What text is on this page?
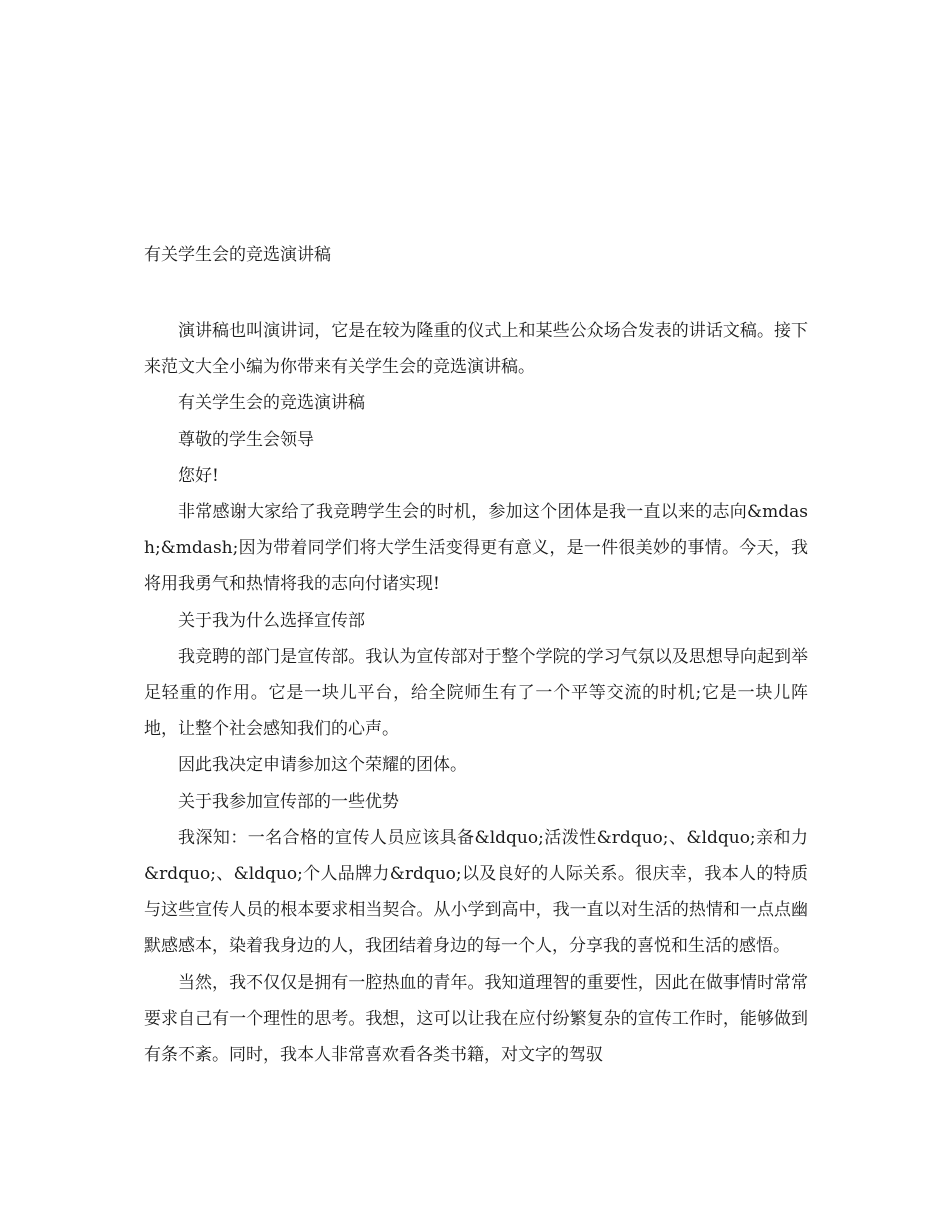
有关学生会的竞选演讲稿

演讲稿也叫演讲词，它是在较为隆重的仪式上和某些公众场合发表的讲话文稿。接下来范文大全小编为你带来有关学生会的竞选演讲稿。

有关学生会的竞选演讲稿

尊敬的学生会领导

您好!

非常感谢大家给了我竞聘学生会的时机，参加这个团体是我一直以来的志向&mdash;&mdash;因为带着同学们将大学生活变得更有意义，是一件很美妙的事情。今天，我将用我勇气和热情将我的志向付诸实现!

关于我为什么选择宣传部

我竞聘的部门是宣传部。我认为宣传部对于整个学院的学习气氛以及思想导向起到举足轻重的作用。它是一块儿平台，给全院师生有了一个平等交流的时机;它是一块儿阵地，让整个社会感知我们的心声。

因此我决定申请参加这个荣耀的团体。

关于我参加宣传部的一些优势

我深知：一名合格的宣传人员应该具备&ldquo;活泼性&rdquo;、&ldquo;亲和力&rdquo;、&ldquo;个人品牌力&rdquo;以及良好的人际关系。很庆幸，我本人的特质与这些宣传人员的根本要求相当契合。从小学到高中，我一直以对生活的热情和一点点幽默感感本，染着我身边的人，我团结着身边的每一个人，分享我的喜悦和生活的感悟。

当然，我不仅仅是拥有一腔热血的青年。我知道理智的重要性，因此在做事情时常常要求自己有一个理性的思考。我想，这可以让我在应付纷繁复杂的宣传工作时，能够做到有条不紊。同时，我本人非常喜欢看各类书籍，对文字的驾驭
